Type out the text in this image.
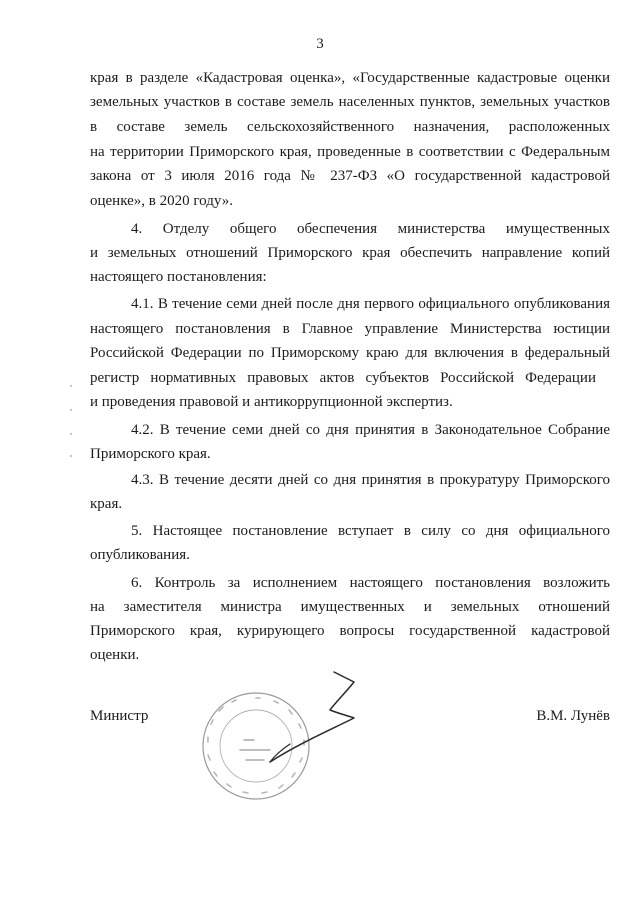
3
края в разделе «Кадастровая оценка», «Государственные кадастровые оценки
земельных участков в составе земель населенных пунктов, земельных участков
в составе земель сельскохозяйственного назначения, расположенных
на территории Приморского края, проведенные в соответствии с Федеральным
закона от 3 июля 2016 года № 237-ФЗ «О государственной кадастровой
оценке», в 2020 году».
4. Отделу общего обеспечения министерства имущественных
и земельных отношений Приморского края обеспечить направление копий
настоящего постановления:
4.1. В течение семи дней после дня первого официального опубликования
настоящего постановления в Главное управление Министерства юстиции
Российской Федерации по Приморскому краю для включения в федеральный
регистр нормативных правовых актов субъектов Российской Федерации
и проведения правовой и антикоррупционной экспертиз.
4.2. В течение семи дней со дня принятия в Законодательное Собрание
Приморского края.
4.3. В течение десяти дней со дня принятия в прокуратуру Приморского
края.
5. Настоящее постановление вступает в силу со дня официального
опубликования.
6. Контроль за исполнением настоящего постановления возложить
на заместителя министра имущественных и земельных отношений
Приморского края, курирующего вопросы государственной кадастровой
оценки.
Министр	В.М. Лунёв
